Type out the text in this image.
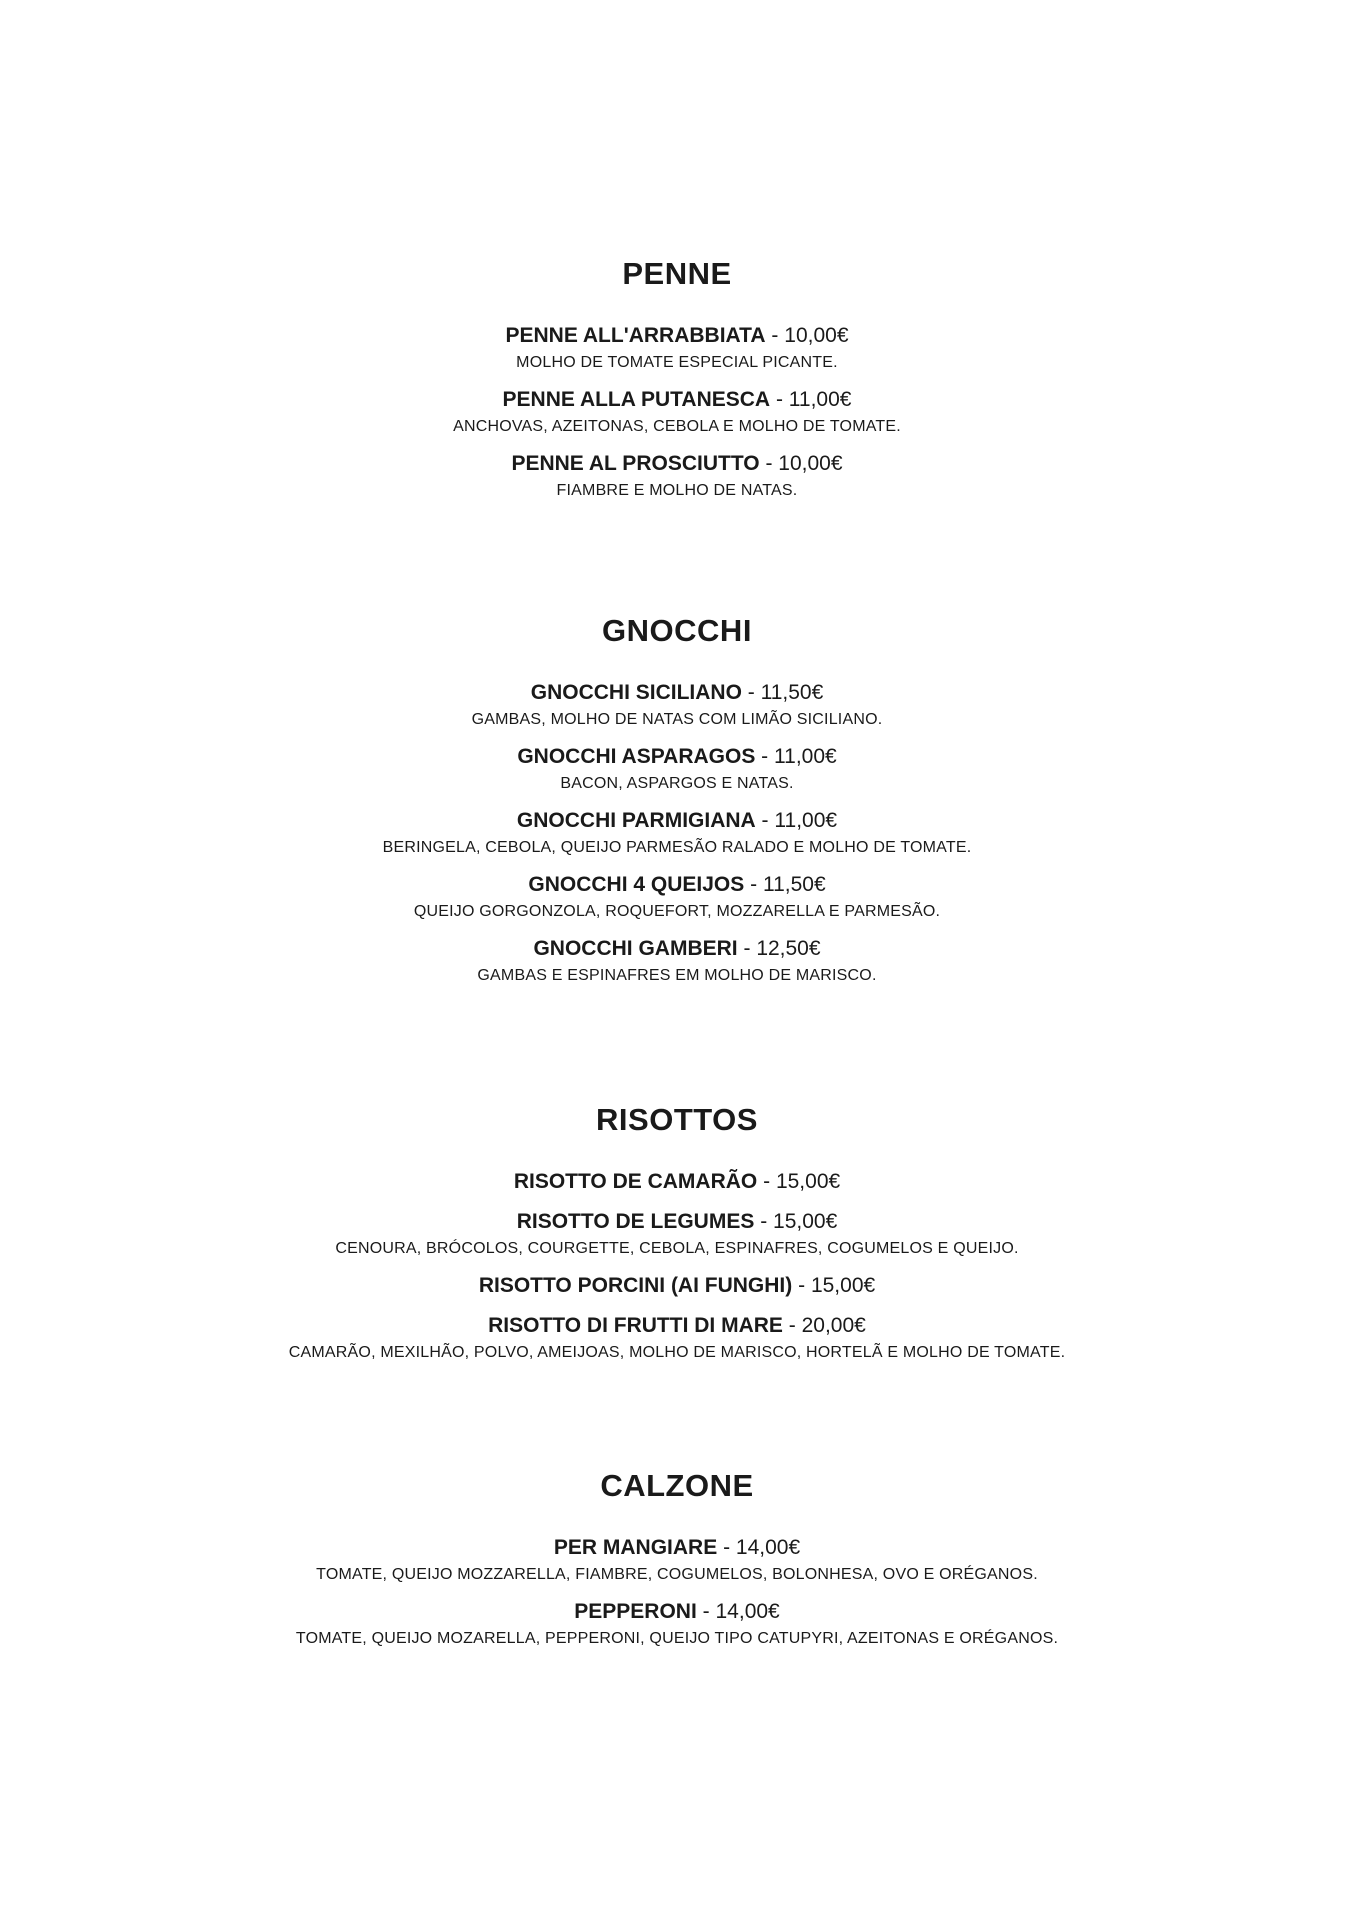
PENNE
PENNE ALL'ARRABBIATA - 10,00€
MOLHO DE TOMATE ESPECIAL PICANTE.
PENNE ALLA PUTANESCA - 11,00€
ANCHOVAS, AZEITONAS, CEBOLA E MOLHO DE TOMATE.
PENNE AL PROSCIUTTO - 10,00€
FIAMBRE E MOLHO DE NATAS.
GNOCCHI
GNOCCHI SICILIANO - 11,50€
GAMBAS, MOLHO DE NATAS COM LIMÃO SICILIANO.
GNOCCHI ASPARAGOS - 11,00€
BACON, ASPARGOS E NATAS.
GNOCCHI PARMIGIANA - 11,00€
BERINGELA, CEBOLA, QUEIJO PARMESÃO RALADO E MOLHO DE TOMATE.
GNOCCHI 4 QUEIJOS - 11,50€
QUEIJO GORGONZOLA, ROQUEFORT, MOZZARELLA E PARMESÃO.
GNOCCHI GAMBERI - 12,50€
GAMBAS E ESPINAFRES EM MOLHO DE MARISCO.
RISOTTOS
RISOTTO DE CAMARÃO - 15,00€
RISOTTO DE LEGUMES - 15,00€
CENOURA, BRÓCOLOS, COURGETTE, CEBOLA, ESPINAFRES, COGUMELOS E QUEIJO.
RISOTTO PORCINI (AI FUNGHI) - 15,00€
RISOTTO DI FRUTTI DI MARE - 20,00€
CAMARÃO, MEXILHÃO, POLVO, AMEIJOAS, MOLHO DE MARISCO, HORTELÃ E MOLHO DE TOMATE.
CALZONE
PER MANGIARE - 14,00€
TOMATE, QUEIJO MOZZARELLA, FIAMBRE, COGUMELOS, BOLONHESA, OVO E ORÉGANOS.
PEPPERONI - 14,00€
TOMATE, QUEIJO MOZARELLA, PEPPERONI, QUEIJO TIPO CATUPYRI, AZEITONAS E ORÉGANOS.
